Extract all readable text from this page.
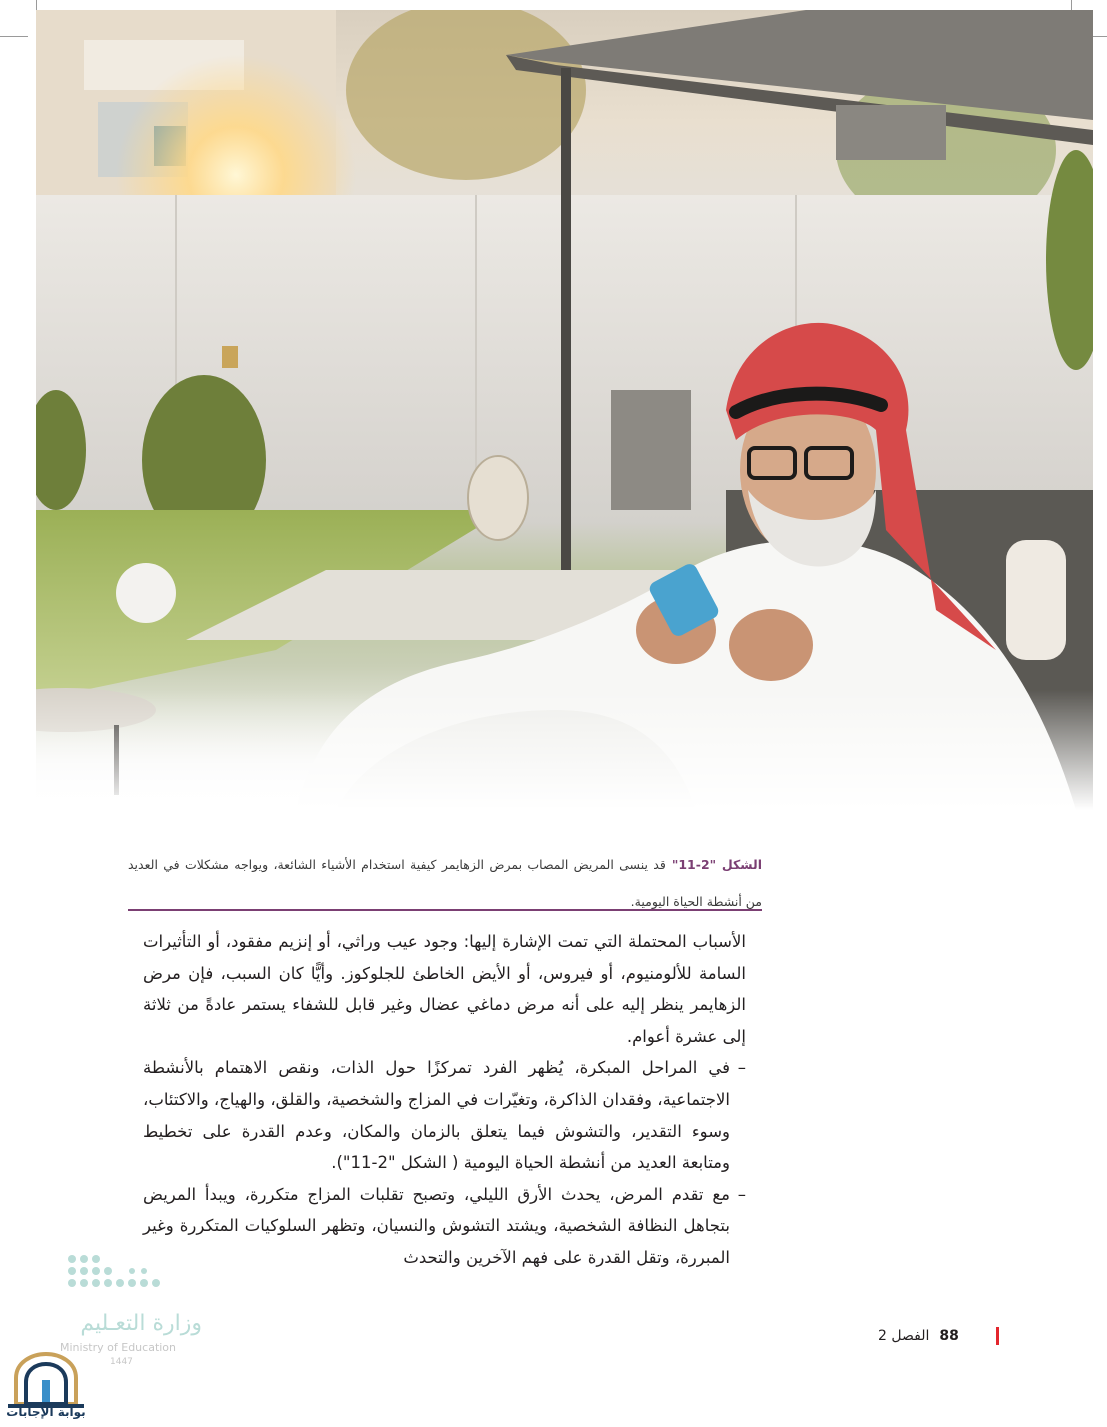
الشكل "2-11"قد ينسى المريض المصاب بمرض الزهايمر كيفية استخدام الأشياء الشائعة، ويواجه مشكلات في العديد من أنشطة الحياة اليومية.

الأسباب المحتملة التي تمت الإشارة إليها: وجود عيب وراثي، أو إنزيم مفقود، أو التأثيرات السامة للألومنيوم، أو فيروس، أو الأيض الخاطئ للجلوكوز. وأيًّا كان السبب، فإن مرض الزهايمر ينظر إليه على أنه مرض دماغي عضال وغير قابل للشفاء يستمر عادةً من ثلاثة إلى عشرة أعوام.

– في المراحل المبكرة، يُظهر الفرد تمركزًا حول الذات، ونقص الاهتمام بالأنشطة الاجتماعية، وفقدان الذاكرة، وتغيّرات في المزاج والشخصية، والقلق، والهياج، والاكتئاب، وسوء التقدير، والتشوش فيما يتعلق بالزمان والمكان، وعدم القدرة على تخطيط ومتابعة العديد من أنشطة الحياة اليومية ( الشكل "2-11").
– مع تقدم المرض، يحدث الأرق الليلي، وتصبح تقلبات المزاج متكررة، ويبدأ المريض بتجاهل النظافة الشخصية، ويشتد التشوش والنسيان، وتظهر السلوكيات المتكررة وغير المبررة، وتقل القدرة على فهم الآخرين والتحدث
وزارة التعـليم
Ministry of Education
1447
88الفصل 2
بوابة الإجابات
